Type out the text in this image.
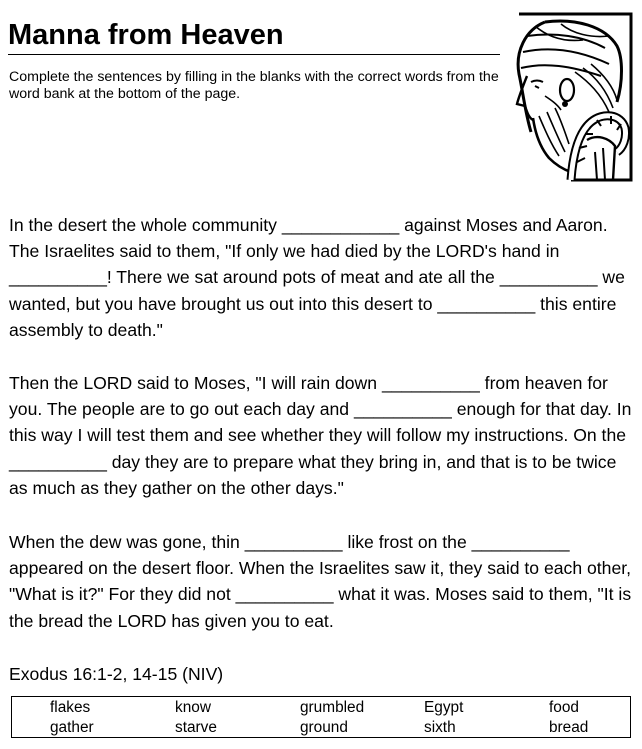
Manna from Heaven

Complete the sentences by filling in the blanks with the correct words from the word bank at the bottom of the page.

In the desert the whole community ____________ against Moses and Aaron. The Israelites said to them, "If only we had died by the LORD's hand in __________! There we sat around pots of meat and ate all the __________ we wanted, but you have brought us out into this desert to __________ this entire assembly to death."

Then the LORD said to Moses, "I will rain down __________ from heaven for you. The people are to go out each day and __________ enough for that day. In this way I will test them and see whether they will follow my instructions. On the __________ day they are to prepare what they bring in, and that is to be twice as much as they gather on the other days."

When the dew was gone, thin __________ like frost on the __________ appeared on the desert floor. When the Israelites saw it, they said to each other, "What is it?" For they did not __________ what it was. Moses said to them, "It is the bread the LORD has given you to eat.

Exodus 16:1-2, 14-15 (NIV)

flakes	know	grumbled	Egypt	food
gather	starve	ground	sixth	bread
